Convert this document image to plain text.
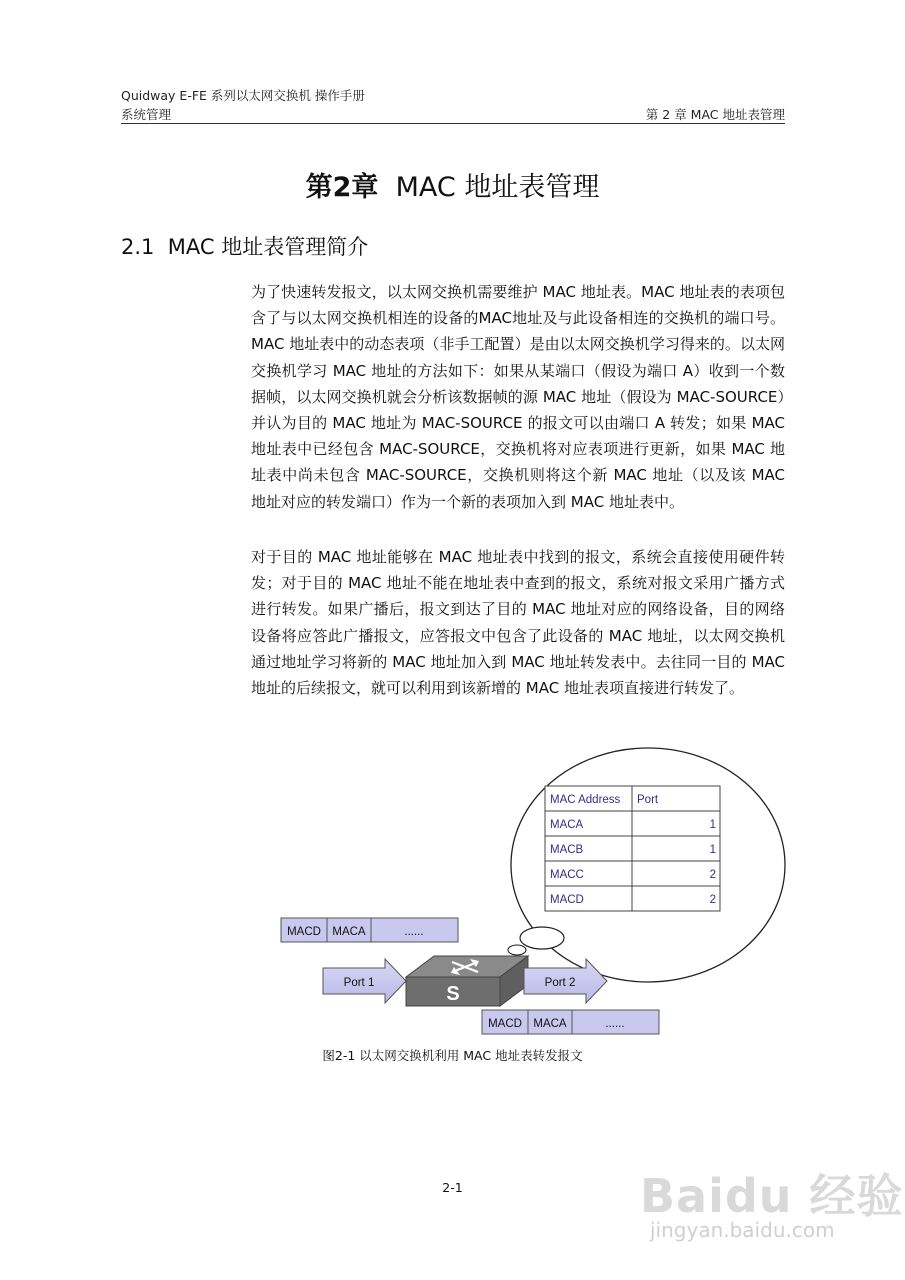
Quidway E-FE 系列以太网交换机 操作手册
系统管理	第 2 章 MAC 地址表管理
第2章 MAC 地址表管理
2.1 MAC 地址表管理简介
为了快速转发报文，以太网交换机需要维护 MAC 地址表。MAC 地址表的表项包含了与以太网交换机相连的设备的MAC地址及与此设备相连的交换机的端口号。MAC 地址表中的动态表项（非手工配置）是由以太网交换机学习得来的。以太网交换机学习 MAC 地址的方法如下：如果从某端口（假设为端口 A）收到一个数据帧，以太网交换机就会分析该数据帧的源 MAC 地址（假设为 MAC-SOURCE）并认为目的 MAC 地址为 MAC-SOURCE 的报文可以由端口 A 转发；如果 MAC 地址表中已经包含 MAC-SOURCE，交换机将对应表项进行更新，如果 MAC 地址表中尚未包含 MAC-SOURCE，交换机则将这个新 MAC 地址（以及该 MAC 地址对应的转发端口）作为一个新的表项加入到 MAC 地址表中。
对于目的 MAC 地址能够在 MAC 地址表中找到的报文，系统会直接使用硬件转发；对于目的 MAC 地址不能在地址表中查到的报文，系统对报文采用广播方式进行转发。如果广播后，报文到达了目的 MAC 地址对应的网络设备，目的网络设备将应答此广播报文，应答报文中包含了此设备的 MAC 地址，以太网交换机通过地址学习将新的 MAC 地址加入到 MAC 地址转发表中。去往同一目的 MAC 地址的后续报文，就可以利用到该新增的 MAC 地址表项直接进行转发了。
MAC Address Port
MACA	1
MACB	1
MACC	2
MACD	2
MACD MACA	......
Port 1	S	Port 2
MACD MACA	......
图2-1 以太网交换机利用 MAC 地址表转发报文
2-1	Baidu 经验
jingyan.baidu.com
